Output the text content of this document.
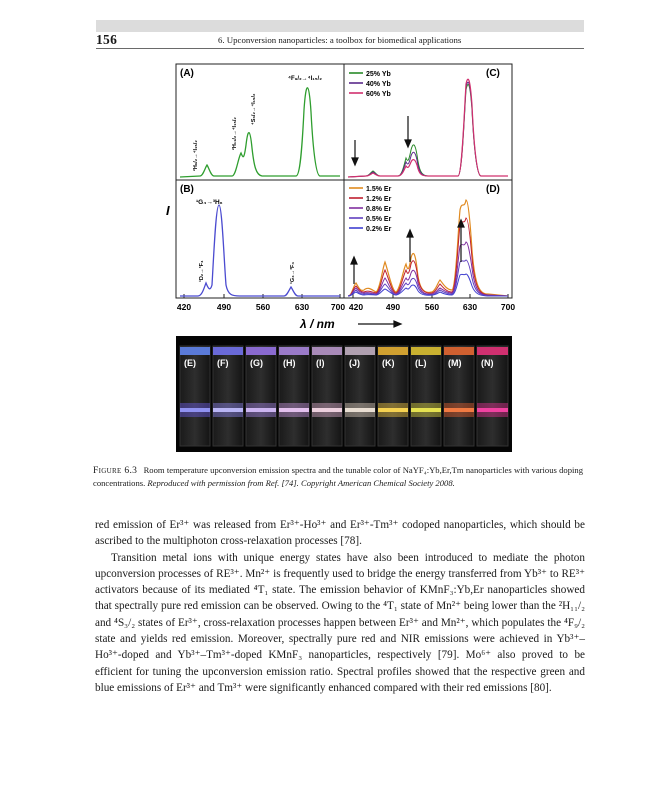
156	6. Upconversion nanoparticles: a toolbox for biomedical applications
(A)
(B)
(C)
(D)
²H₉/₂→⁴I₁₅/₂
²H₁₁/₂→⁴I₁₅/₂
⁴S₃/₂→⁴I₁₅/₂
⁴F₉/₂→⁴I₁₅/₂
¹G₄→³H₆
¹D₂→³F₄	¹G₄→³F₄
25% Yb
40% Yb
60% Yb
1.5% Er
1.2% Er
0.8% Er
0.5% Er
0.2% Er
I
420	490	560	630	700 420	490	560	630	700
λ / nm
(E) (F) (G) (H) (I)	(J) (K) (L) (M) (N)
Figure 6.3 Room temperature upconversion emission spectra and the tunable color of NaYF₄:Yb,Er,Tm nanoparticles with various doping concentrations. Reproduced with permission from Ref. [74]. Copyright American Chemical Society 2008.

red emission of Er³⁺ was released from Er³⁺-Ho³⁺ and Er³⁺-Tm³⁺ codoped nanoparticles, which should be ascribed to the multiphoton cross-relaxation processes [78].

Transition metal ions with unique energy states have also been introduced to mediate the photon upconversion processes of RE³⁺. Mn²⁺ is frequently used to bridge the energy transferred from Yb³⁺ to RE³⁺ activators because of its mediated ⁴T₁ state. The emission behavior of KMnF₃:Yb,Er nanoparticles showed that spectrally pure red emission can be observed. Owing to the ⁴T₁ state of Mn²⁺ being lower than the ²H₁₁/₂ and ⁴S₃/₂ states of Er³⁺, cross-relaxation processes happen between Er³⁺ and Mn²⁺, which populates the ⁴F₉/₂ state and yields red emission. Moreover, spectrally pure red and NIR emissions were achieved in Yb³⁺–Ho³⁺-doped and Yb³⁺–Tm³⁺-doped KMnF₃ nanoparticles, respectively [79]. Mo⁶⁺ also proved to be efficient for tuning the upconversion emission ratio. Spectral profiles showed that the respective green and blue emissions of Er³⁺ and Tm³⁺ were significantly enhanced compared with their red emissions [80].
